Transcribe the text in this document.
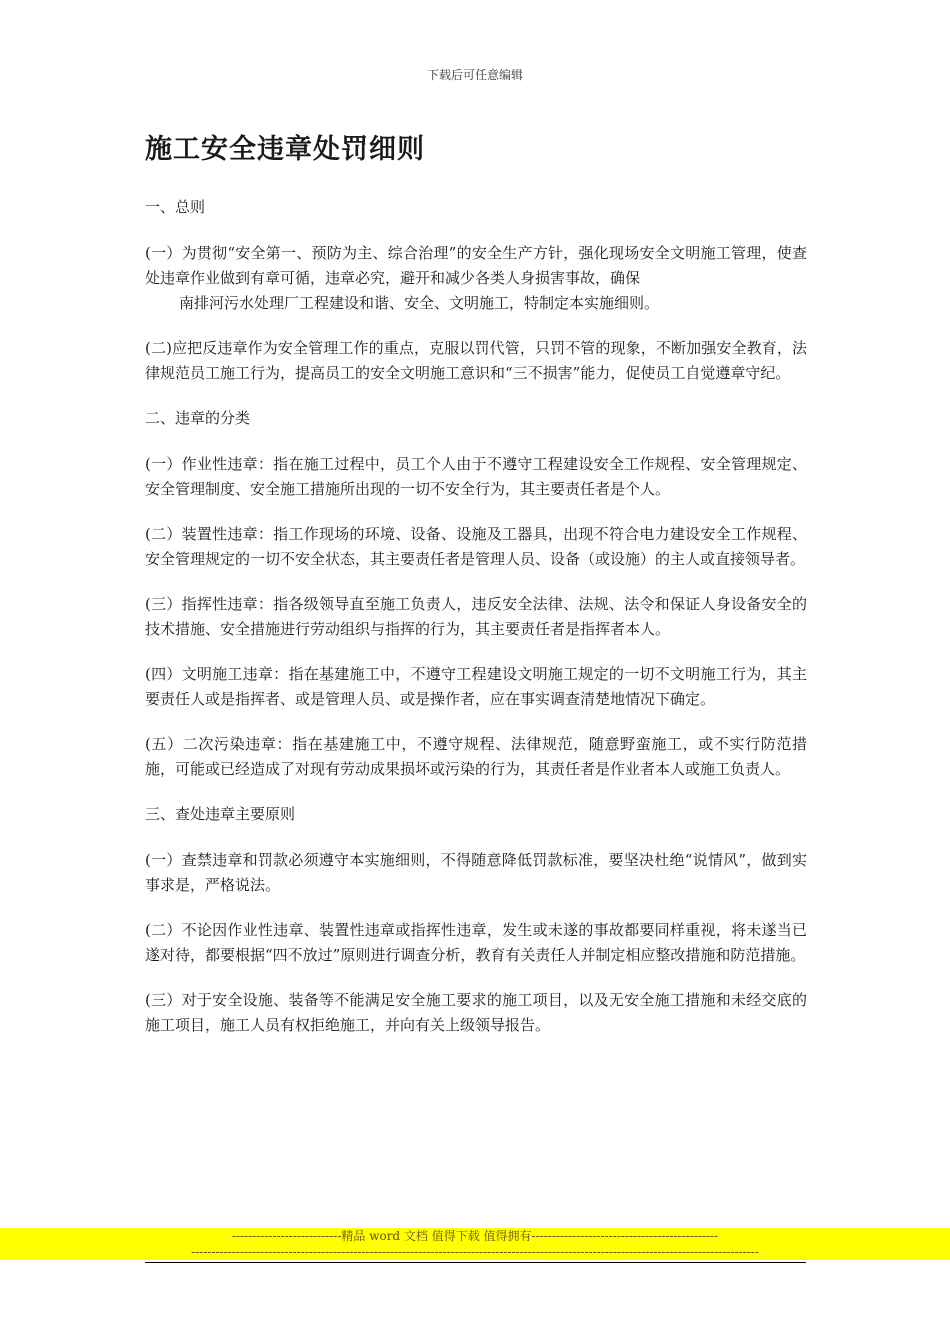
下载后可任意编辑
施工安全违章处罚细则

一、总则

(一）为贯彻“安全第一、预防为主、综合治理”的安全生产方针，强化现场安全文明施工管理，使查处违章作业做到有章可循，违章必究，避开和减少各类人身损害事故，确保
南排河污水处理厂工程建设和谐、安全、文明施工，特制定本实施细则。

(二)应把反违章作为安全管理工作的重点，克服以罚代管，只罚不管的现象，不断加强安全教育，法律规范员工施工行为，提高员工的安全文明施工意识和“三不损害”能力，促使员工自觉遵章守纪。

二、违章的分类

(一）作业性违章：指在施工过程中，员工个人由于不遵守工程建设安全工作规程、安全管理规定、安全管理制度、安全施工措施所出现的一切不安全行为，其主要责任者是个人。

(二）装置性违章：指工作现场的环境、设备、设施及工器具，出现不符合电力建设安全工作规程、安全管理规定的一切不安全状态，其主要责任者是管理人员、设备（或设施）的主人或直接领导者。

(三）指挥性违章：指各级领导直至施工负责人，违反安全法律、法规、法令和保证人身设备安全的技术措施、安全措施进行劳动组织与指挥的行为，其主要责任者是指挥者本人。

(四）文明施工违章：指在基建施工中，不遵守工程建设文明施工规定的一切不文明施工行为，其主要责任人或是指挥者、或是管理人员、或是操作者，应在事实调查清楚地情况下确定。

(五）二次污染违章：指在基建施工中，不遵守规程、法律规范，随意野蛮施工，或不实行防范措施，可能或已经造成了对现有劳动成果损坏或污染的行为，其责任者是作业者本人或施工负责人。

三、查处违章主要原则

(一）查禁违章和罚款必须遵守本实施细则，不得随意降低罚款标准，要坚决杜绝“说情风”，做到实事求是，严格说法。

(二）不论因作业性违章、装置性违章或指挥性违章，发生或未遂的事故都要同样重视，将未遂当已遂对待，都要根据“四不放过”原则进行调查分析，教育有关责任人并制定相应整改措施和防范措施。

(三）对于安全设施、装备等不能满足安全施工要求的施工项目，以及无安全施工措施和未经交底的施工项目，施工人员有权拒绝施工，并向有关上级领导报告。

---------------------------精品 word 文档 值得下载 值得拥有----------------------------------------------
--------------------------------------------------------------------------------------------------------------------------------------------
